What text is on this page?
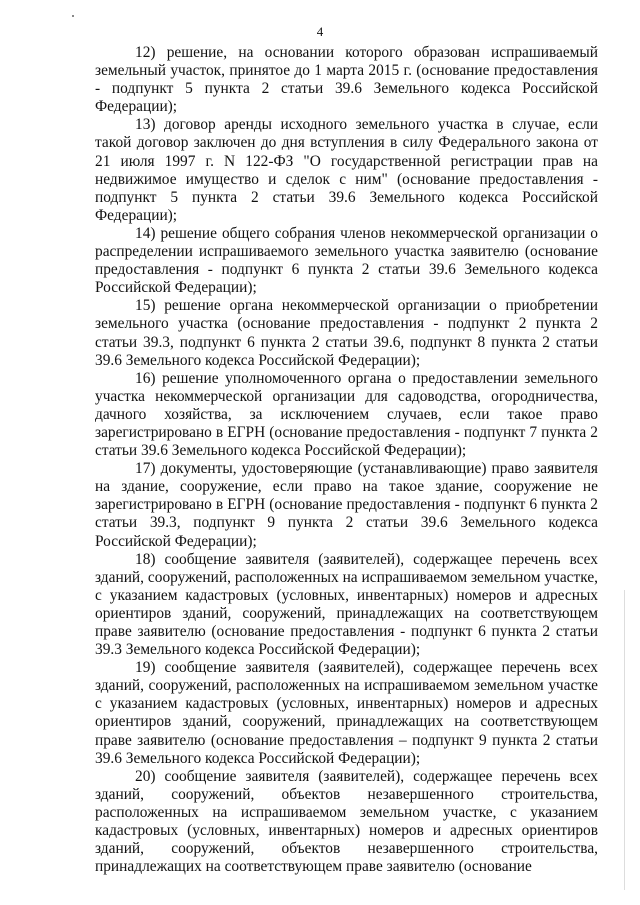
4

12) решение, на основании которого образован испрашиваемый земельный участок, принятое до 1 марта 2015 г. (основание предоставления - подпункт 5 пункта 2 статьи 39.6 Земельного кодекса Российской Федерации);

13) договор аренды исходного земельного участка в случае, если такой договор заключен до дня вступления в силу Федерального закона от 21 июля 1997 г. N 122-ФЗ "О государственной регистрации прав на недвижимое имущество и сделок с ним" (основание предоставления - подпункт 5 пункта 2 статьи 39.6 Земельного кодекса Российской Федерации);

14) решение общего собрания членов некоммерческой организации о распределении испрашиваемого земельного участка заявителю (основание предоставления - подпункт 6 пункта 2 статьи 39.6 Земельного кодекса Российской Федерации);

15) решение органа некоммерческой организации о приобретении земельного участка (основание предоставления - подпункт 2 пункта 2 статьи 39.3, подпункт 6 пункта 2 статьи 39.6, подпункт 8 пункта 2 статьи 39.6 Земельного кодекса Российской Федерации);

16) решение уполномоченного органа о предоставлении земельного участка некоммерческой организации для садоводства, огородничества, дачного хозяйства, за исключением случаев, если такое право зарегистрировано в ЕГРН (основание предоставления - подпункт 7 пункта 2 статьи 39.6 Земельного кодекса Российской Федерации);

17) документы, удостоверяющие (устанавливающие) право заявителя на здание, сооружение, если право на такое здание, сооружение не зарегистрировано в ЕГРН (основание предоставления - подпункт 6 пункта 2 статьи 39.3, подпункт 9 пункта 2 статьи 39.6 Земельного кодекса Российской Федерации);

18) сообщение заявителя (заявителей), содержащее перечень всех зданий, сооружений, расположенных на испрашиваемом земельном участке, с указанием кадастровых (условных, инвентарных) номеров и адресных ориентиров зданий, сооружений, принадлежащих на соответствующем праве заявителю (основание предоставления - подпункт 6 пункта 2 статьи 39.3 Земельного кодекса Российской Федерации);

19) сообщение заявителя (заявителей), содержащее перечень всех зданий, сооружений, расположенных на испрашиваемом земельном участке с указанием кадастровых (условных, инвентарных) номеров и адресных ориентиров зданий, сооружений, принадлежащих на соответствующем праве заявителю (основание предоставления – подпункт 9 пункта 2 статьи 39.6 Земельного кодекса Российской Федерации);

20) сообщение заявителя (заявителей), содержащее перечень всех зданий, сооружений, объектов незавершенного строительства, расположенных на испрашиваемом земельном участке, с указанием кадастровых (условных, инвентарных) номеров и адресных ориентиров зданий, сооружений, объектов незавершенного строительства, принадлежащих на соответствующем праве заявителю (основание
